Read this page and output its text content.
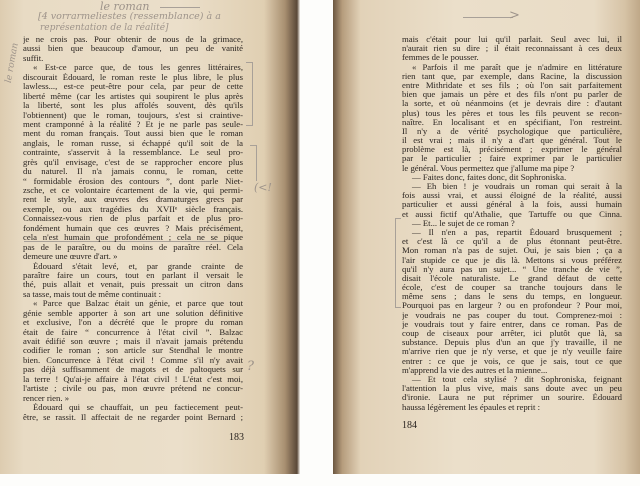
le roman
[4 vorrarmeliestes (ressemblance) à a
représentation de la réalité]
le roman
(<!
?
je ne crois pas. Pour obtenir de nous de la grimace,
aussi bien que beaucoup d'amour, un peu de vanité
suffit.
« Est-ce parce que, de tous les genres littéraires,
discourait Édouard, le roman reste le plus libre, le plus
lawless..., est-ce peut-être pour cela, par peur de cette
liberté même (car les artistes qui soupirent le plus après
la liberté, sont les plus affolés souvent, dès qu'ils
l'obtiennent) que le roman, toujours, s'est si craintive-
ment cramponné à la réalité ? Et je ne parle pas seule-
ment du roman français. Tout aussi bien que le roman
anglais, le roman russe, si échappé qu'il soit de la
contrainte, s'asservit à la ressemblance. Le seul pro-
grès qu'il envisage, c'est de se rapprocher encore plus
du naturel. Il n'a jamais connu, le roman, cette
“ formidable érosion des contours ”, dont parle Niet-
zsche, et ce volontaire écartement de la vie, qui permi-
rent le style, aux œuvres des dramaturges grecs par
exemple, ou aux tragédies du XVIIᵉ siècle français.
Connaissez-vous rien de plus parfait et de plus pro-
fondément humain que ces œuvres ? Mais précisément,
cela n'est humain que profondément ; cela ne se pique
pas de le paraître, ou du moins de paraître réel. Cela
demeure une œuvre d'art. »
Édouard s'était levé, et, par grande crainte de
paraître faire un cours, tout en parlant il versait le
thé, puis allait et venait, puis pressait un citron dans
sa tasse, mais tout de même continuait :
« Parce que Balzac était un génie, et parce que tout
génie semble apporter à son art une solution définitive
et exclusive, l'on a décrété que le propre du roman
était de faire “ concurrence à l'état civil ”. Balzac
avait édifié son œuvre ; mais il n'avait jamais prétendu
codifier le roman ; son article sur Stendhal le montre
bien. Concurrence à l'état civil ! Comme s'il n'y avait
pas déjà suffisamment de magots et de paltoquets sur
la terre ! Qu'ai-je affaire à l'état civil ! L'état c'est moi,
l'artiste ; civile ou pas, mon œuvre prétend ne concur-
rencer rien. »
Édouard qui se chauffait, un peu factiecement peut-
être, se rassit. Il affectait de ne regarder point Bernard ;
183
>
mais c'était pour lui qu'il parlait. Seul avec lui, il
n'aurait rien su dire ; il était reconnaissant à ces deux
femmes de le pousser.
« Parfois il me paraît que je n'admire en littérature
rien tant que, par exemple, dans Racine, la discussion
entre Mithridate et ses fils ; où l'on sait parfaitement
bien que jamais un père et des fils n'ont pu parler de
la sorte, et où néanmoins (et je devrais dire : d'autant
plus) tous les pères et tous les fils peuvent se recon-
naître. En localisant et en spécifiant, l'on restreint.
Il n'y a de vérité psychologique que particulière,
il est vrai ; mais il n'y a d'art que général. Tout le
problème est là, précisément ; exprimer le général
par le particulier ; faire exprimer par le particulier
le général. Vous permettez que j'allume ma pipe ?
— Faites donc, faites donc, dit Sophroniska.
— Eh bien ! je voudrais un roman qui serait à la
fois aussi vrai, et aussi éloigné de la réalité, aussi
particulier et aussi général à la fois, aussi humain
et aussi fictif qu'Athalie, que Tartuffe ou que Cinna.
— Et... le sujet de ce roman ?
— Il n'en a pas, repartit Édouard brusquement ;
et c'est là ce qu'il a de plus étonnant peut-être.
Mon roman n'a pas de sujet. Oui, je sais bien ; ça a
l'air stupide ce que je dis là. Mettons si vous préférez
qu'il n'y aura pas un sujet... “ Une tranche de vie ”,
disait l'école naturaliste. Le grand défaut de cette
école, c'est de couper sa tranche toujours dans le
même sens ; dans le sens du temps, en longueur.
Pourquoi pas en largeur ? ou en profondeur ? Pour moi,
je voudrais ne pas couper du tout. Comprenez-moi :
je voudrais tout y faire entrer, dans ce roman. Pas de
coup de ciseaux pour arrêter, ici plutôt que là, sa
substance. Depuis plus d'un an que j'y travaille, il ne
m'arrive rien que je n'y verse, et que je n'y veuille faire
entrer : ce que je vois, ce que je sais, tout ce que
m'apprend la vie des autres et la mienne...
— Et tout cela stylisé ? dit Sophroniska, feignant
l'attention la plus vive, mais sans doute avec un peu
d'ironie. Laura ne put réprimer un sourire. Édouard
haussa légèrement les épaules et reprit :
184
